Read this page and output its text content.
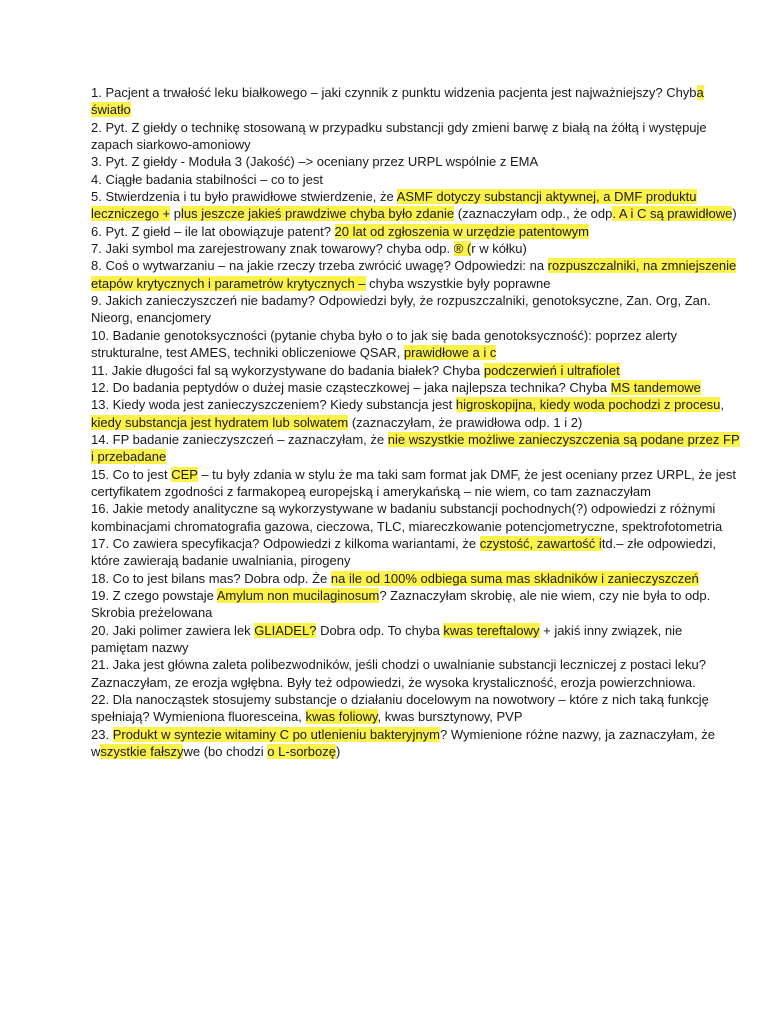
1. Pacjent a trwałość leku białkowego – jaki czynnik z punktu widzenia pacjenta jest najważniejszy? Chyba światło

2. Pyt. Z giełdy o technikę stosowaną w przypadku substancji gdy zmieni barwę z białą na żółtą i występuje zapach siarkowo-amoniowy

3. Pyt. Z giełdy - Moduła 3 (Jakość) –> oceniany przez URPL wspólnie z EMA

4. Ciągłe badania stabilności – co to jest

5. Stwierdzenia i tu było prawidłowe stwierdzenie, że ASMF dotyczy substancji aktywnej, a DMF produktu leczniczego + plus jeszcze jakieś prawdziwe chyba było zdanie (zaznaczyłam odp., że odp. A i C są prawidłowe)

6. Pyt. Z giełd – ile lat obowiązuje patent? 20 lat od zgłoszenia w urzędzie patentowym

7. Jaki symbol ma zarejestrowany znak towarowy? chyba odp. ® (r w kółku)

8. Coś o wytwarzaniu – na jakie rzeczy trzeba zwrócić uwagę? Odpowiedzi: na rozpuszczalniki, na zmniejszenie etapów krytycznych i parametrów krytycznych – chyba wszystkie były poprawne

9. Jakich zanieczyszczeń nie badamy? Odpowiedzi były, że rozpuszczalniki, genotoksyczne, Zan. Org, Zan. Nieorg, enancjomery

10. Badanie genotoksyczności (pytanie chyba było o to jak się bada genotoksyczność): poprzez alerty strukturalne, test AMES, techniki obliczeniowe QSAR, prawidłowe a i c

11. Jakie długości fal są wykorzystywane do badania białek? Chyba podczerwień i ultrafiolet

12. Do badania peptydów o dużej masie cząsteczkowej – jaka najlepsza technika? Chyba MS tandemowe

13. Kiedy woda jest zanieczyszczeniem? Kiedy substancja jest higroskopijna, kiedy woda pochodzi z procesu, kiedy substancja jest hydratem lub solwatem (zaznaczyłam, że prawidłowa odp. 1 i 2)

14. FP badanie zanieczyszczeń – zaznaczyłam, że nie wszystkie możliwe zanieczyszczenia są podane przez FP i przebadane

15. Co to jest CEP – tu były zdania w stylu że ma taki sam format jak DMF, że jest oceniany przez URPL, że jest certyfikatem zgodności z farmakopeą europejską i amerykańską – nie wiem, co tam zaznaczyłam

16. Jakie metody analityczne są wykorzystywane w badaniu substancji pochodnych(?) odpowiedzi z różnymi kombinacjami chromatografia gazowa, cieczowa, TLC, miareczkowanie potencjometryczne, spektrofotometria

17. Co zawiera specyfikacja? Odpowiedzi z kilkoma wariantami, że czystość, zawartość itd.– złe odpowiedzi, które zawierają badanie uwalniania, pirogeny

18. Co to jest bilans mas? Dobra odp. Że na ile od 100% odbiega suma mas składników i zanieczyszczeń

19. Z czego powstaje Amylum non mucilaginosum? Zaznaczyłam skrobię, ale nie wiem, czy nie była to odp. Skrobia preżelowana

20. Jaki polimer zawiera lek GLIADEL? Dobra odp. To chyba kwas tereftalowy + jakiś inny związek, nie pamiętam nazwy

21. Jaka jest główna zaleta polibezwodników, jeśli chodzi o uwalnianie substancji leczniczej z postaci leku? Zaznaczyłam, ze erozja wgłębna. Były też odpowiedzi, że wysoka krystaliczność, erozja powierzchniowa.

22. Dla nanocząstek stosujemy substancje o działaniu docelowym na nowotwory – które z nich taką funkcję spełniają? Wymieniona fluoresceina, kwas foliowy, kwas bursztynowy, PVP

23. Produkt w syntezie witaminy C po utlenieniu bakteryjnym? Wymienione różne nazwy, ja zaznaczyłam, że wszystkie fałszywe (bo chodzi o L-sorbozę)
